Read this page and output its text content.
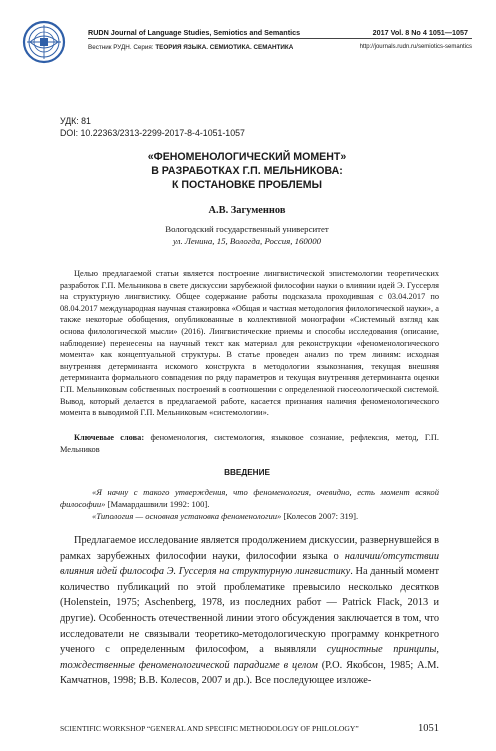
RUDN Journal of Language Studies, Semiotics and Semantics	2017 Vol. 8 No 4 1051—1057
Вестник РУДН. Серия: ТЕОРИЯ ЯЗЫКА. СЕМИОТИКА. СЕМАНТИКА	http://journals.rudn.ru/semiotics-semantics
УДК: 81
DOI: 10.22363/2313-2299-2017-8-4-1051-1057
«ФЕНОМЕНОЛОГИЧЕСКИЙ МОМЕНТ»
В РАЗРАБОТКАХ Г.П. МЕЛЬНИКОВА:
К ПОСТАНОВКЕ ПРОБЛЕМЫ
А.В. Загуменнов
Вологодский государственный университет
ул. Ленина, 15, Вологда, Россия, 160000

Целью предлагаемой статьи является построение лингвистической эпистемологии теоретических разработок Г.П. Мельникова в свете дискуссии зарубежной философии науки о влиянии идей Э. Гуссерля на структурную лингвистику. Общее содержание работы подсказала проходившая с 03.04.2017 по 08.04.2017 международная научная стажировка «Общая и частная методология филологической науки», а также некоторые обобщения, опубликованные в коллективной монографии «Системный взгляд как основа филологической мысли» (2016). Лингвистические приемы и способы исследования (описание, наблюдение) перенесены на научный текст как материал для реконструкции «феноменологического момента» как концептуальной структуры. В статье проведен анализ по трем линиям: исходная внутренняя детерминанта искомого конструкта в методологии языкознания, текущая внешняя детерминанта формального совпадения по ряду параметров и текущая внутренняя детерминанта оценки Г.П. Мельниковым собственных построений в соотношении с определенной гносеологической системой. Вывод, который делается в предлагаемой работе, касается признания наличия феноменологического момента в выводимой Г.П. Мельниковым «системологии».

Ключевые слова: феноменология, системология, языковое сознание, рефлексия, метод, Г.П. Мельников
ВВЕДЕНИЕ

«Я начну с такого утверждения, что феноменология, очевидно, есть момент всякой философии» [Мамардашвили 1992: 100].

«Типология — основная установка феноменологии» [Колесов 2007: 319].

Предлагаемое исследование является продолжением дискуссии, развернувшейся в рамках зарубежных философии науки, философии языка о наличии/отсутствии влияния идей философа Э. Гуссерля на структурную лингвистику. На данный момент количество публикаций по этой проблематике превысило несколько десятков (Holenstein, 1975; Aschenberg, 1978, из последних работ — Patrick Flack, 2013 и другие). Особенность отечественной линии этого обсуждения заключается в том, что исследователи не связывали теоретико-методологическую программу конкретного ученого с определенным философом, а выявляли сущностные принципы, тождественные феноменологической парадигме в целом (Р.О. Якобсон, 1985; А.М. Камчатнов, 1998; В.В. Колесов, 2007 и др.). Все последующее изложе-

SCIENTIFIC WORKSHOP “GENERAL AND SPECIFIC METHODOLOGY OF PHILOLOGY”	1051
